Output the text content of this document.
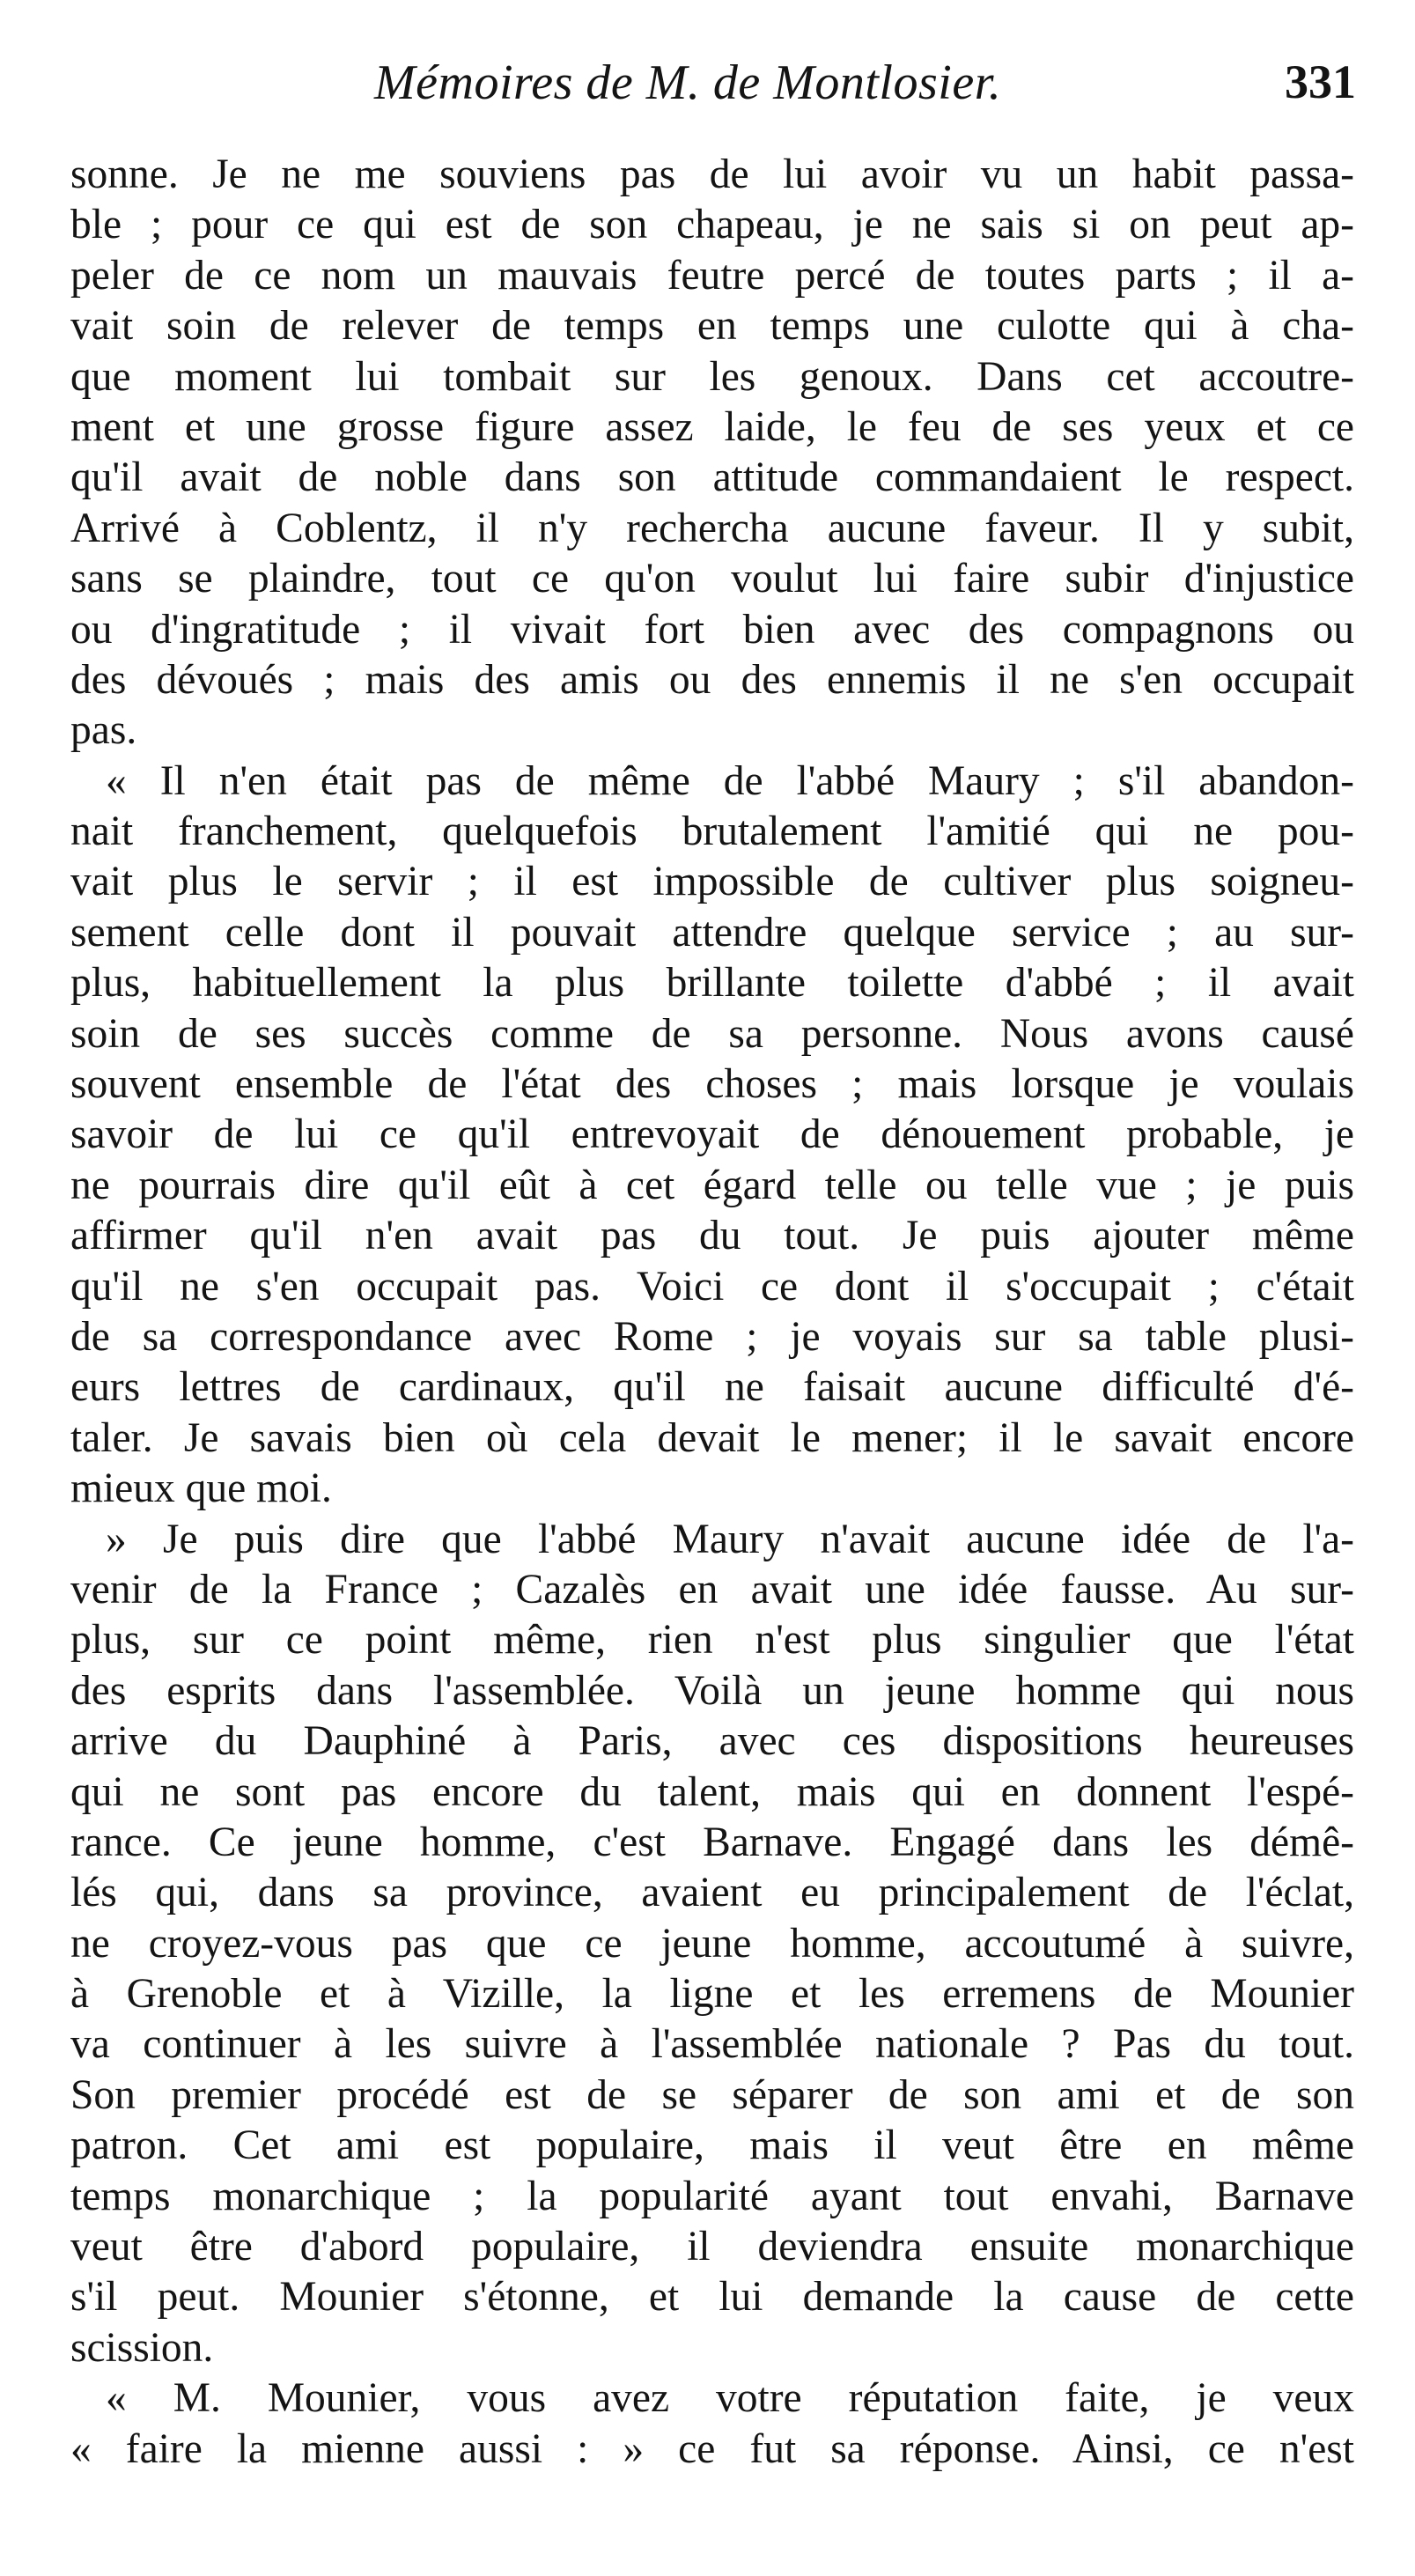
Mémoires de M. de Montlosier.	331
sonne. Je ne me souviens pas de lui avoir vu un habit passa-
ble ; pour ce qui est de son chapeau, je ne sais si on peut ap-
peler de ce nom un mauvais feutre percé de toutes parts ; il a-
vait soin de relever de temps en temps une culotte qui à cha-
que moment lui tombait sur les genoux. Dans cet accoutre-
ment et une grosse figure assez laide, le feu de ses yeux et ce
qu'il avait de noble dans son attitude commandaient le respect.
Arrivé à Coblentz, il n'y rechercha aucune faveur. Il y subit,
sans se plaindre, tout ce qu'on voulut lui faire subir d'injustice
ou d'ingratitude ; il vivait fort bien avec des compagnons ou
des dévoués ; mais des amis ou des ennemis il ne s'en occupait
pas.
« Il n'en était pas de même de l'abbé Maury ; s'il abandon-
nait franchement, quelquefois brutalement l'amitié qui ne pou-
vait plus le servir ; il est impossible de cultiver plus soigneu-
sement celle dont il pouvait attendre quelque service ; au sur-
plus, habituellement la plus brillante toilette d'abbé ; il avait
soin de ses succès comme de sa personne. Nous avons causé
souvent ensemble de l'état des choses ; mais lorsque je voulais
savoir de lui ce qu'il entrevoyait de dénouement probable, je
ne pourrais dire qu'il eût à cet égard telle ou telle vue ; je puis
affirmer qu'il n'en avait pas du tout. Je puis ajouter même
qu'il ne s'en occupait pas. Voici ce dont il s'occupait ; c'était
de sa correspondance avec Rome ; je voyais sur sa table plusi-
eurs lettres de cardinaux, qu'il ne faisait aucune difficulté d'é-
taler. Je savais bien où cela devait le mener; il le savait encore
mieux que moi.
» Je puis dire que l'abbé Maury n'avait aucune idée de l'a-
venir de la France ; Cazalès en avait une idée fausse. Au sur-
plus, sur ce point même, rien n'est plus singulier que l'état
des esprits dans l'assemblée. Voilà un jeune homme qui nous
arrive du Dauphiné à Paris, avec ces dispositions heureuses
qui ne sont pas encore du talent, mais qui en donnent l'espé-
rance. Ce jeune homme, c'est Barnave. Engagé dans les démê-
lés qui, dans sa province, avaient eu principalement de l'éclat,
ne croyez-vous pas que ce jeune homme, accoutumé à suivre,
à Grenoble et à Vizille, la ligne et les erremens de Mounier
va continuer à les suivre à l'assemblée nationale ? Pas du tout.
Son premier procédé est de se séparer de son ami et de son
patron. Cet ami est populaire, mais il veut être en même
temps monarchique ; la popularité ayant tout envahi, Barnave
veut être d'abord populaire, il deviendra ensuite monarchique
s'il peut. Mounier s'étonne, et lui demande la cause de cette
scission.
« M. Mounier, vous avez votre réputation faite, je veux
« faire la mienne aussi : » ce fut sa réponse. Ainsi, ce n'est
